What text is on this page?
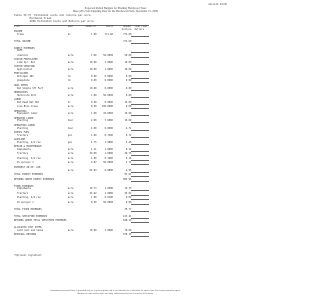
AE-J144, 6/1/06
Projected Partial Budgets for Planting Hardwood Trees
Base pH x Soil Sampling Rate for the Hardwood Field, November 15, 2006
Table 39.37  Estimated costs and returns per acre
Hardwood Trees
2006 Estimated Costs and Returns per Acre
ITEM	UNIT	QUANTITY	PRICE	AMOUNT	YOUR FARM
				dollars	dollars
INCOME					
Trees	Ac	1.00	771.60	771.60	

TOTAL INCOME				771.60	

DIRECT EXPENSES					
DAFE					
chemical	acre	1.00	50.0000	50.00	
CUSTOM FERTILIZER					
Lime Spr. Ret	acre	10.00	1.0000	10.00	
CUSTOM SPRAYING					
Application	acre	10.00	1.0000	10.00	
FERTILIZER					
Nitrogen 46%	lb	0.00	0.0000	0.00	
phosphate	lb	0.00	0.0000	0.00	
HAUL SEEDS					
Ret Simple Sft Fert	acre	10.00	0.0000	0.00	
HERBICIDES					
Herbicide Unit	acre	1.00	50.0000	0.00	
LABOR					
Ret Head Ret Hat	hr	0.60	0.0000	15.00	
Live Bros Crews	acre	0.00	100.0000	0.00	
OPERATING					
Equipment labor	acre	1.00	10.0000	10.00	
OPERATOR LABOR					
Planting	hour	2.00	7.6000	15.00	
OPERATING LABOR					
Planting	hour	4.00	0.0000	2.71	
DIESEL FUEL					
Tractors	gal	1.00	0.7200	0.72	
GASOLINE					
Planting, 2/4 row	gal	1.75	1.9800	3.46	
REPAIR & MAINTENANCE					
Implements	acre	1.11	1.0000	0.11	
Tractors	acre	20.00	1.0000	20.76	
Planting, 2/4 row	acre	1.00	0.1600	0.16	
Pu sprayer 1	acre	0.07	50.0000	3.74	
INTEREST ON OP. CAP.					
	acre	62.83	0.0800	4.95	
TOTAL DIRECT EXPENSES				87.64	
RETURNS ABOVE DIRECT EXPENSES				683.96	

FIXED EXPENSES					
Implements	acre	10.73	1.0000	10.73	
Tractors	acre	25.02	1.0000	25.02	
Planting, 2/4 row	acre	1.00	0.0190	0.02	
Pu sprayer 1	acre	0.00	50.0000	0.00	

TOTAL FIXED EXPENSES				35.77	

TOTAL SPECIFIED EXPENSES				123.41	
RETURNS ABOVE TOTAL SPECIFIED EXPENSES				648.19	

ALLOCATED COST ITEMS					
Land rent and taxes	acre	70.00	1.0000	70.00	
RESIDUAL RETURNS				578.19	
*Optional ingredient
Information presented here is provided only as a general guide and is not intended as a substitute for advice from the county extension agent.
Mention of trade names does not imply endorsement by the University of Kentucky.
